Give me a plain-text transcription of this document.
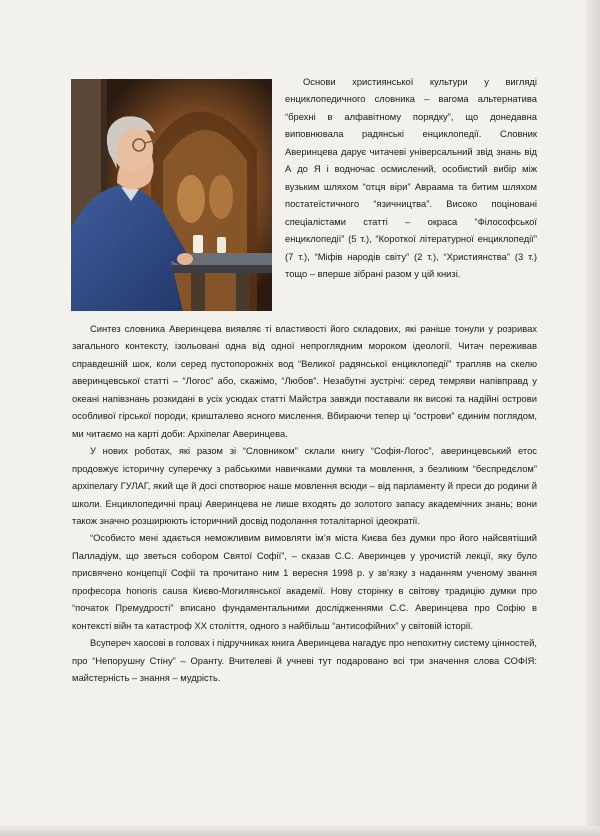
Основи християнської культури у вигляді енциклопедичного словника – вагома альтернатива “брехні в алфавітному порядку”, що донедавна виповнювала радянські енциклопедії. Словник Аверинцева дарує читачеві універсальний звід знань від А до Я і водночас осмислений, особистий вибір між вузьким шляхом “отця віри” Авраама та битим шляхом постатеїстичного “язичництва”. Високо поціновані спеціалістами статті – окраса “Філософської енциклопедії” (5 т.), “Короткої літературної енциклопедії” (7 т.), “Міфів народів світу” (2 т.), “Християнства” (3 т.) тощо – вперше зібрані разом у цій книзі.

Синтез словника Аверинцева виявляє ті властивості його складових, які раніше тонули у розривах загального контексту, ізольовані одна від одної непроглядним мороком ідеології. Читач переживав справдешній шок, коли серед пустопорожніх вод “Великої радянської енциклопедії” трапляв на скелю аверинцевської статті – “Логос” або, скажімо, “Любов”. Незабутні зустрічі: серед темряви напівправд у океані напівзнань розкидані в усіх усюдах статті Майстра завжди поставали як високі та надійні острови особливої гірської породи, кришталево ясного мислення. Вбираючи тепер ці “острови” єдиним поглядом, ми читаємо на карті доби: Архіпелаг Аверинцева.

У нових роботах, які разом зі “Словником” склали книгу “Софія-Логос”, аверинцевський етос продовжує історичну суперечку з рабськими навичками думки та мовлення, з безликим “беспредєлом” архіпелагу ГУЛАГ, який ще й досі спотворює наше мовлення всюди – від парламенту й преси до родини й школи. Енциклопедичні праці Аверинцева не лише входять до золотого запасу академічних знань; вони також значно розширюють історичний досвід подолання тоталітарної ідеократії.

“Особисто мені здається неможливим вимовляти ім’я міста Києва без думки про його найсвятіший Палладіум, що зветься собором Святої Софії”, – сказав С.С. Аверинцев у урочистій лекції, яку було присвячено концепції Софії та прочитано ним 1 вересня 1998 р. у зв’язку з наданням ученому звання професора honoris causa Києво-Могилянської академії. Нову сторінку в світову традицію думки про “початок Премудрості” вписано фундаментальними дослідженнями С.С. Аверинцева про Софію в контексті війн та катастроф XX століття, одного з найбільш “антисофійних” у світовій історії.

Всупереч хаосові в головах і підручниках книга Аверинцева нагадує про непохитну систему цінностей, про “Непорушну Стіну” – Оранту. Вчителеві й учневі тут подаровано всі три значення слова СОФІЯ: майстерність – знання – мудрість.
